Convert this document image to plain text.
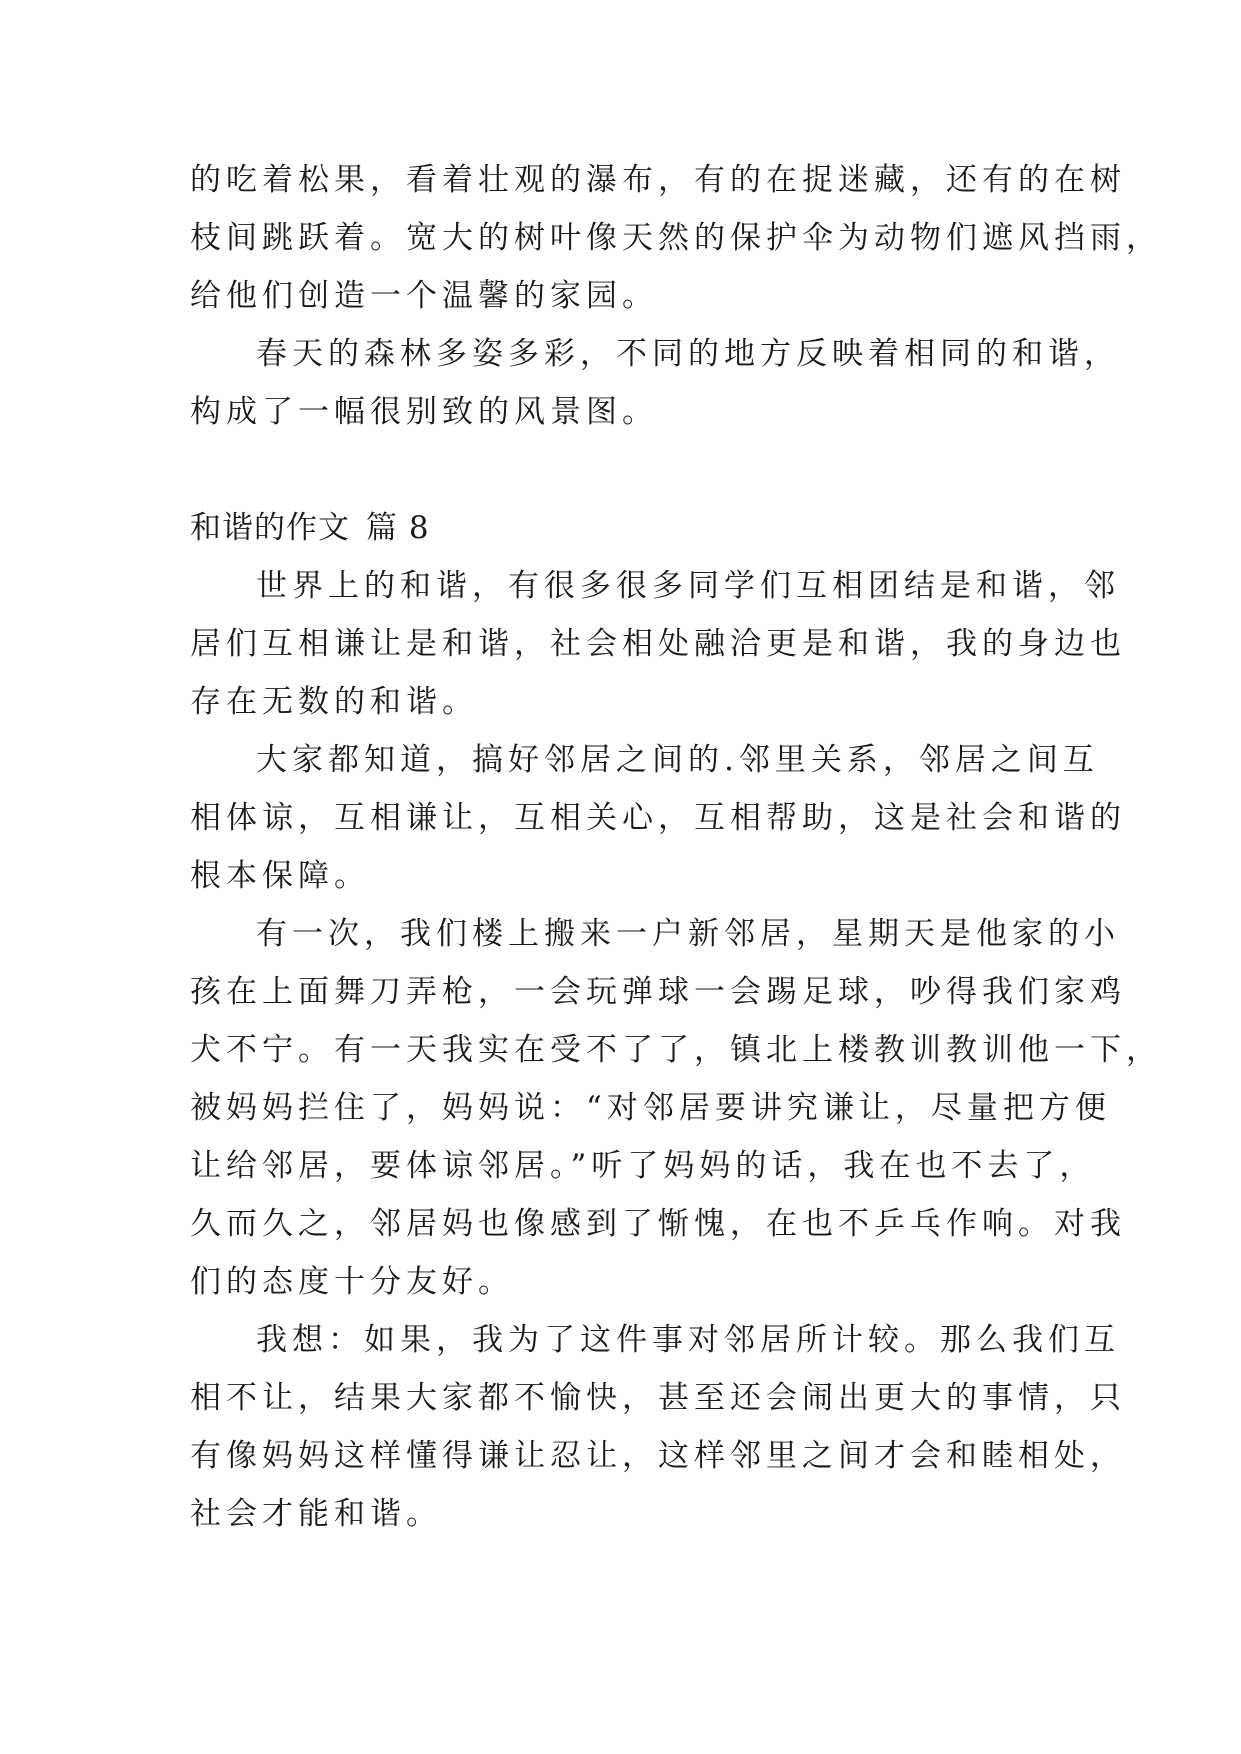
的吃着松果，看着壮观的瀑布，有的在捉迷藏，还有的在树
枝间跳跃着。宽大的树叶像天然的保护伞为动物们遮风挡雨，
给他们创造一个温馨的家园。
春天的森林多姿多彩，不同的地方反映着相同的和谐，
构成了一幅很别致的风景图。
和谐的作文 篇 8
世界上的和谐，有很多很多同学们互相团结是和谐，邻
居们互相谦让是和谐，社会相处融洽更是和谐，我的身边也
存在无数的和谐。
大家都知道，搞好邻居之间的.邻里关系，邻居之间互
相体谅，互相谦让，互相关心，互相帮助，这是社会和谐的
根本保障。
有一次，我们楼上搬来一户新邻居，星期天是他家的小
孩在上面舞刀弄枪，一会玩弹球一会踢足球，吵得我们家鸡
犬不宁。有一天我实在受不了了，镇北上楼教训教训他一下，
被妈妈拦住了，妈妈说：“对邻居要讲究谦让，尽量把方便
让给邻居，要体谅邻居。”听了妈妈的话，我在也不去了，
久而久之，邻居妈也像感到了惭愧，在也不乒乓作响。对我
们的态度十分友好。
我想：如果，我为了这件事对邻居所计较。那么我们互
相不让，结果大家都不愉快，甚至还会闹出更大的事情，只
有像妈妈这样懂得谦让忍让，这样邻里之间才会和睦相处，
社会才能和谐。
